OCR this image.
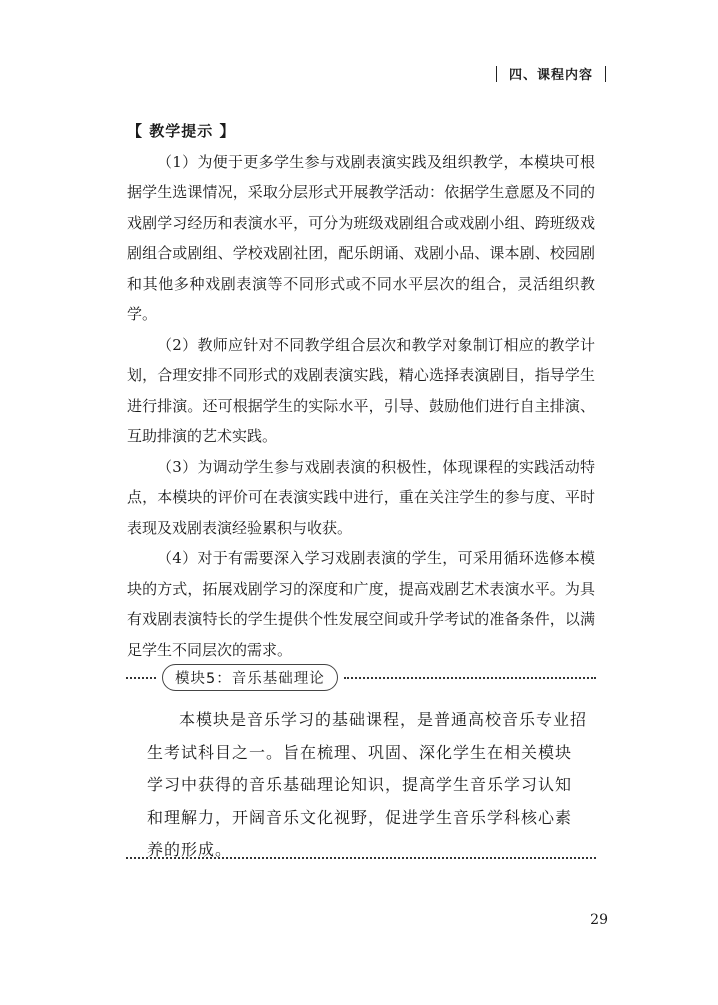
四、课程内容

【 教学提示 】

（1）为便于更多学生参与戏剧表演实践及组织教学，本模块可根据学生选课情况，采取分层形式开展教学活动：依据学生意愿及不同的戏剧学习经历和表演水平，可分为班级戏剧组合或戏剧小组、跨班级戏剧组合或剧组、学校戏剧社团，配乐朗诵、戏剧小品、课本剧、校园剧和其他多种戏剧表演等不同形式或不同水平层次的组合，灵活组织教学。

（2）教师应针对不同教学组合层次和教学对象制订相应的教学计划，合理安排不同形式的戏剧表演实践，精心选择表演剧目，指导学生进行排演。还可根据学生的实际水平，引导、鼓励他们进行自主排演、互助排演的艺术实践。

（3）为调动学生参与戏剧表演的积极性，体现课程的实践活动特点，本模块的评价可在表演实践中进行，重在关注学生的参与度、平时表现及戏剧表演经验累积与收获。

（4）对于有需要深入学习戏剧表演的学生，可采用循环选修本模块的方式，拓展戏剧学习的深度和广度，提高戏剧艺术表演水平。为具有戏剧表演特长的学生提供个性发展空间或升学考试的准备条件，以满足学生不同层次的需求。

模块5：音乐基础理论

本模块是音乐学习的基础课程，是普通高校音乐专业招生考试科目之一。旨在梳理、巩固、深化学生在相关模块学习中获得的音乐基础理论知识，提高学生音乐学习认知和理解力，开阔音乐文化视野，促进学生音乐学科核心素养的形成。

29
